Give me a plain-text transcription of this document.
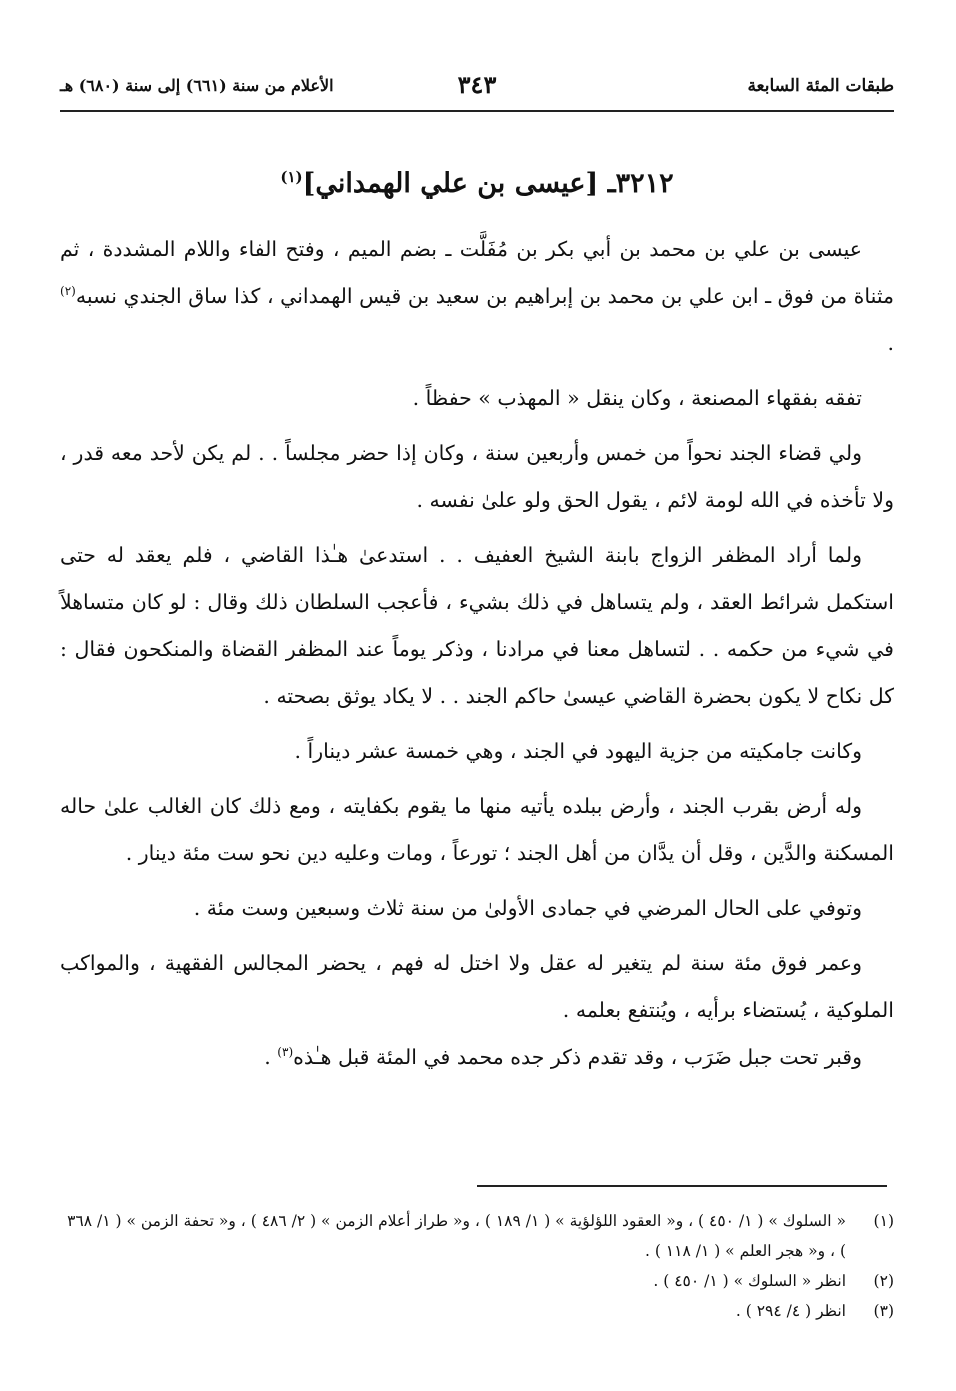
طبقات المئة السابعة
٣٤٣
الأعلام من سنة (٦٦١) إلى سنة (٦٨٠) هـ
٣٢١٢ـ [عيسى بن علي الهمداني]$^{(١)}$

عيسى بن علي بن محمد بن أبي بكر بن مُفَلَّت ـ بضم الميم ، وفتح الفاء واللام المشددة ، ثم مثناة من فوق ـ ابن علي بن محمد بن إبراهيم بن سعيد بن قيس الهمداني ، كذا ساق الجندي نسبه$^{(٢)}$ .

تفقه بفقهاء المصنعة ، وكان ينقل « المهذب » حفظاً .

ولي قضاء الجند نحواً من خمس وأربعين سنة ، وكان إذا حضر مجلساً . . لم يكن لأحد معه قدر ، ولا تأخذه في الله لومة لائم ، يقول الحق ولو علىٰ نفسه .

ولما أراد المظفر الزواج بابنة الشيخ العفيف . . استدعىٰ هـٰذا القاضي ، فلم يعقد له حتى استكمل شرائط العقد ، ولم يتساهل في ذلك بشيء ، فأعجب السلطان ذلك وقال : لو كان متساهلاً في شيء من حكمه . . لتساهل معنا في مرادنا ، وذكر يوماً عند المظفر القضاة والمنكحون فقال : كل نكاح لا يكون بحضرة القاضي عيسىٰ حاكم الجند . . لا يكاد يوثق بصحته .

وكانت جامكيته من جزية اليهود في الجند ، وهي خمسة عشر ديناراً .

وله أرض بقرب الجند ، وأرض ببلده يأتيه منها ما يقوم بكفايته ، ومع ذلك كان الغالب علىٰ حاله المسكنة والدَّين ، وقل أن يدَّان من أهل الجند ؛ تورعاً ، ومات وعليه دين نحو ست مئة دينار .

وتوفي على الحال المرضي في جمادى الأولىٰ من سنة ثلاث وسبعين وست مئة .

وعمر فوق مئة سنة لم يتغير له عقل ولا اختل له فهم ، يحضر المجالس الفقهية ، والمواكب الملوكية ، يُستضاء برأيه ، ويُنتفع بعلمه .

وقبر تحت جبل ضَرَب ، وقد تقدم ذكر جده محمد في المئة قبل هـٰذه$^{(٣)}$ .

(١)
« السلوك » ( ١/ ٤٥٠ ) ، و« العقود اللؤلؤية » ( ١/ ١٨٩ ) ، و« طراز أعلام الزمن » ( ٢/ ٤٨٦ ) ، و« تحفة الزمن » ( ١/ ٣٦٨ ) ، و« هجر العلم » ( ١/ ١١٨ ) .
(٢)
انظر « السلوك » ( ١/ ٤٥٠ ) .
(٣)
انظر ( ٤/ ٢٩٤ ) .
